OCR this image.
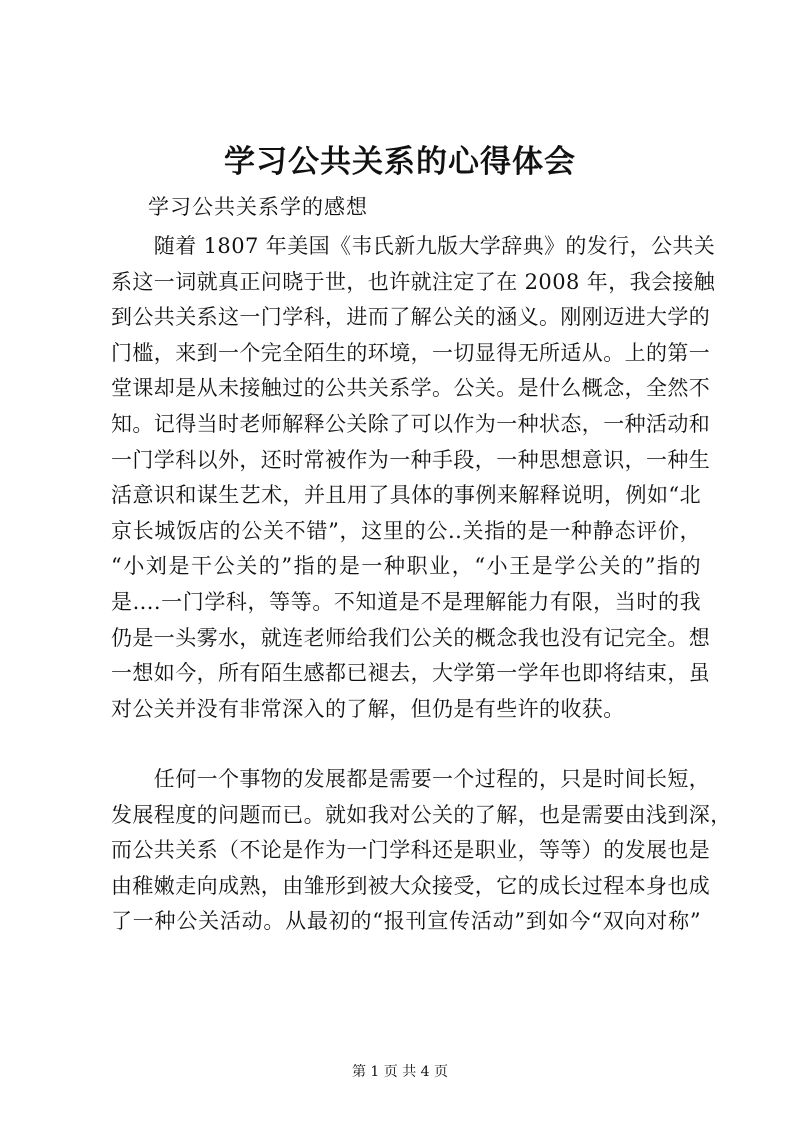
学习公共关系的心得体会
学习公共关系学的感想
　　随着 1807 年美国《韦氏新九版大学辞典》的发行，公共关
系这一词就真正问晓于世，也许就注定了在 2008 年，我会接触
到公共关系这一门学科，进而了解公关的涵义。刚刚迈进大学的
门槛，来到一个完全陌生的环境，一切显得无所适从。上的第一
堂课却是从未接触过的公共关系学。公关。是什么概念，全然不
知。记得当时老师解释公关除了可以作为一种状态，一种活动和
一门学科以外，还时常被作为一种手段，一种思想意识，一种生
活意识和谋生艺术，并且用了具体的事例来解释说明，例如“北
京长城饭店的公关不错”，这里的公..关指的是一种静态评价，
“小刘是干公关的”指的是一种职业，“小王是学公关的”指的
是....一门学科，等等。不知道是不是理解能力有限，当时的我
仍是一头雾水，就连老师给我们公关的概念我也没有记完全。想
一想如今，所有陌生感都已褪去，大学第一学年也即将结束，虽
对公关并没有非常深入的了解，但仍是有些许的收获。
　　任何一个事物的发展都是需要一个过程的，只是时间长短，
发展程度的问题而已。就如我对公关的了解，也是需要由浅到深，
而公共关系（不论是作为一门学科还是职业，等等）的发展也是
由稚嫩走向成熟，由雏形到被大众接受，它的成长过程本身也成
了一种公关活动。从最初的“报刊宣传活动”到如今“双向对称”
第 1 页 共 4 页
